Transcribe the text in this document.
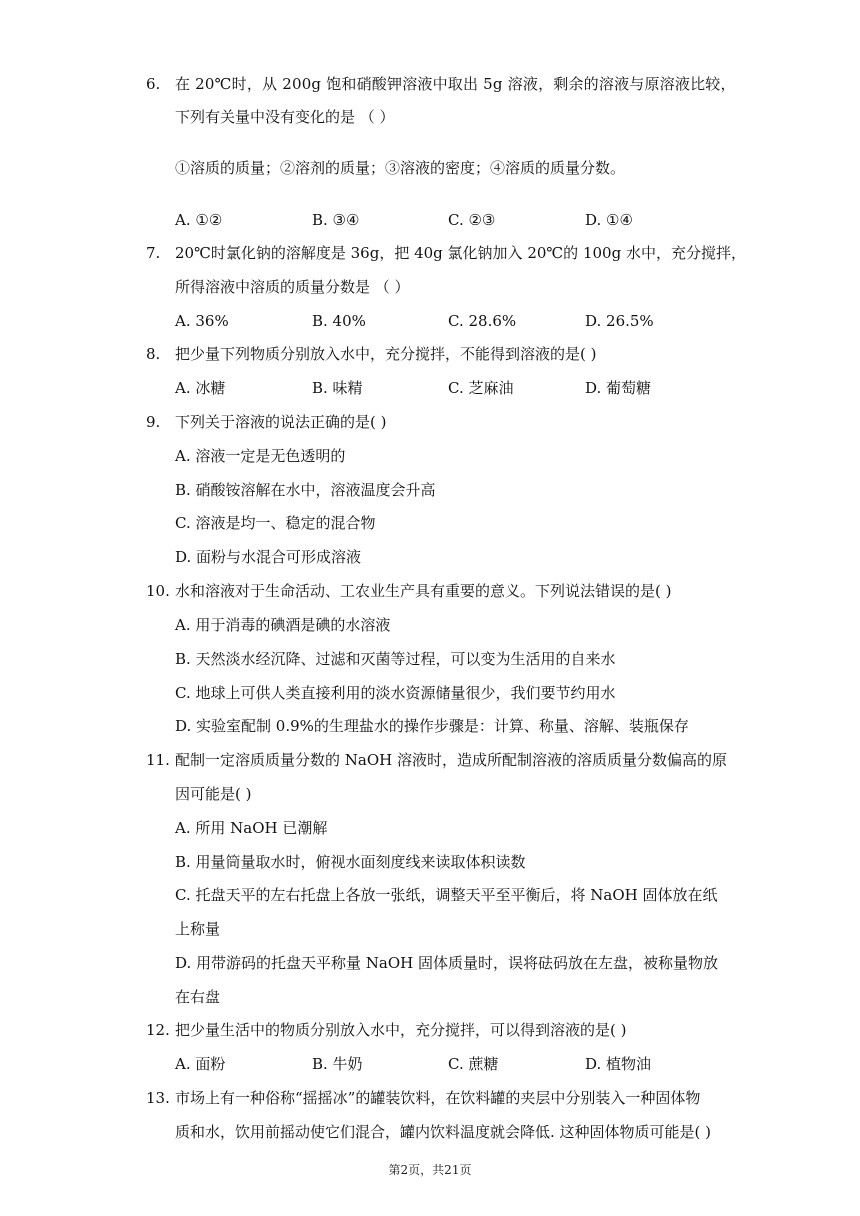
6. 在 20℃时，从 200g 饱和硝酸钾溶液中取出 5g 溶液，剩余的溶液与原溶液比较，
下列有关量中没有变化的是 （ ）
①溶质的质量；②溶剂的质量；③溶液的密度；④溶质的质量分数。
A. ①②	B. ③④	C. ②③	D. ①④
7. 20℃时氯化钠的溶解度是 36g，把 40g 氯化钠加入 20℃的 100g 水中，充分搅拌，
所得溶液中溶质的质量分数是 （ ）
A. 36%	B. 40%	C. 28.6%	D. 26.5%
8. 把少量下列物质分别放入水中，充分搅拌，不能得到溶液的是( )
A. 冰糖	B. 味精	C. 芝麻油	D. 葡萄糖
9. 下列关于溶液的说法正确的是( )
A. 溶液一定是无色透明的
B. 硝酸铵溶解在水中，溶液温度会升高
C. 溶液是均一、稳定的混合物
D. 面粉与水混合可形成溶液
10. 水和溶液对于生命活动、工农业生产具有重要的意义。下列说法错误的是( )
A. 用于消毒的碘酒是碘的水溶液
B. 天然淡水经沉降、过滤和灭菌等过程，可以变为生活用的自来水
C. 地球上可供人类直接利用的淡水资源储量很少，我们要节约用水
D. 实验室配制 0.9%的生理盐水的操作步骤是：计算、称量、溶解、装瓶保存
11. 配制一定溶质质量分数的 NaOH 溶液时，造成所配制溶液的溶质质量分数偏高的原
因可能是( )
A. 所用 NaOH 已潮解
B. 用量筒量取水时，俯视水面刻度线来读取体积读数
C. 托盘天平的左右托盘上各放一张纸，调整天平至平衡后，将 NaOH 固体放在纸
上称量
D. 用带游码的托盘天平称量 NaOH 固体质量时，误将砝码放在左盘，被称量物放
在右盘
12. 把少量生活中的物质分别放入水中，充分搅拌，可以得到溶液的是( )
A. 面粉	B. 牛奶	C. 蔗糖	D. 植物油
13. 市场上有一种俗称“摇摇冰”的罐装饮料，在饮料罐的夹层中分别装入一种固体物
质和水，饮用前摇动使它们混合，罐内饮料温度就会降低. 这种固体物质可能是( )
第2页，共21页
